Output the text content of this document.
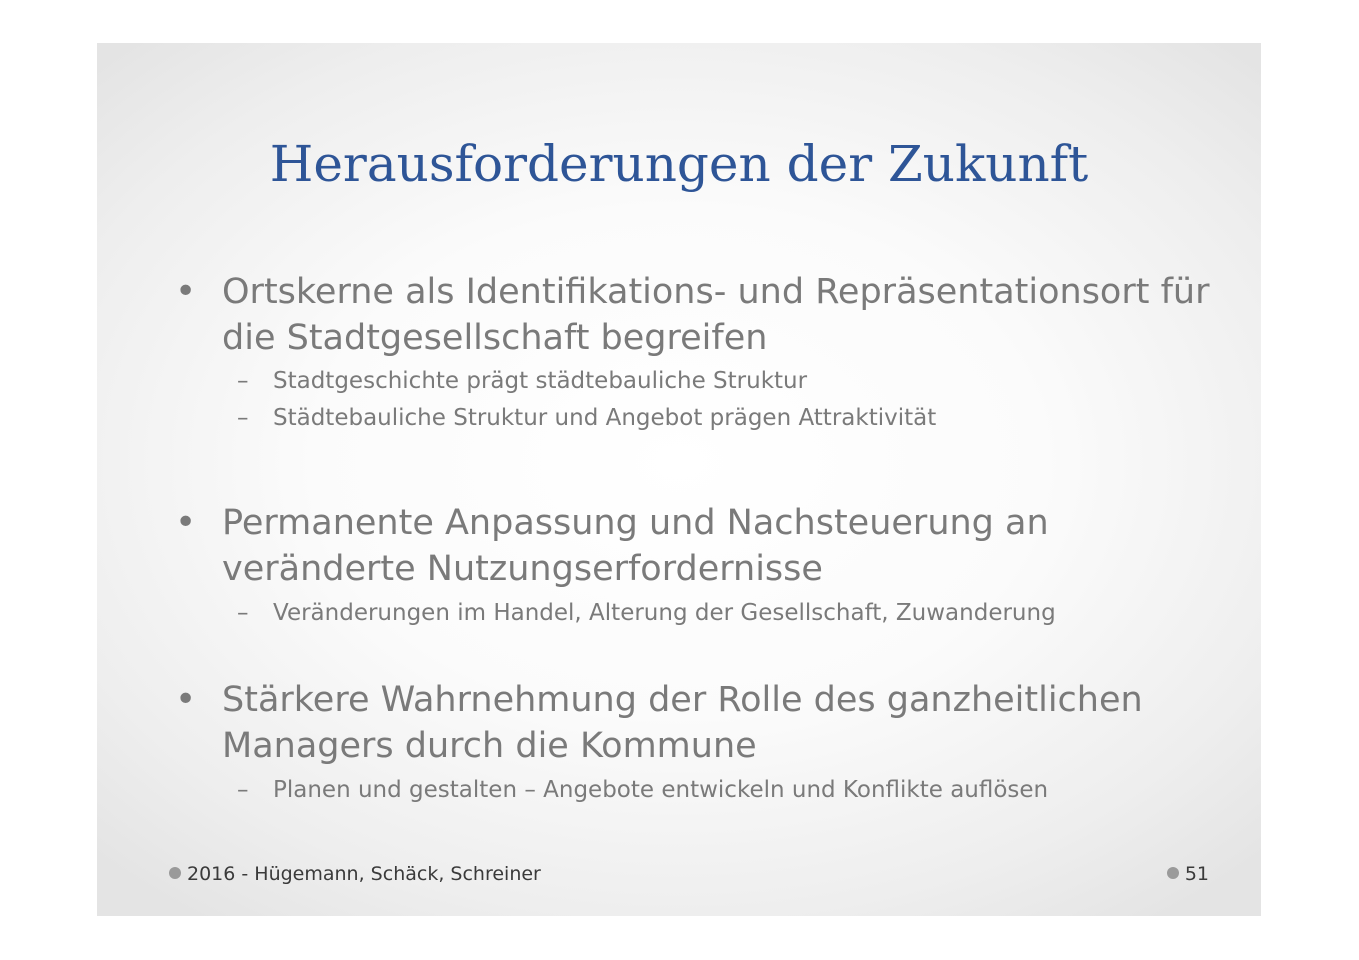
Herausforderungen der Zukunft
• Ortskerne als Identifikations- und Repräsentationsort für die Stadtgesellschaft begreifen
– Stadtgeschichte prägt städtebauliche Struktur
– Städtebauliche Struktur und Angebot prägen Attraktivität
• Permanente Anpassung und Nachsteuerung an veränderte Nutzungserfordernisse
– Veränderungen im Handel, Alterung der Gesellschaft, Zuwanderung
• Stärkere Wahrnehmung der Rolle des ganzheitlichen Managers durch die Kommune
– Planen und gestalten – Angebote entwickeln und Konflikte auflösen
2016 - Hügemann, Schäck, Schreiner	51
